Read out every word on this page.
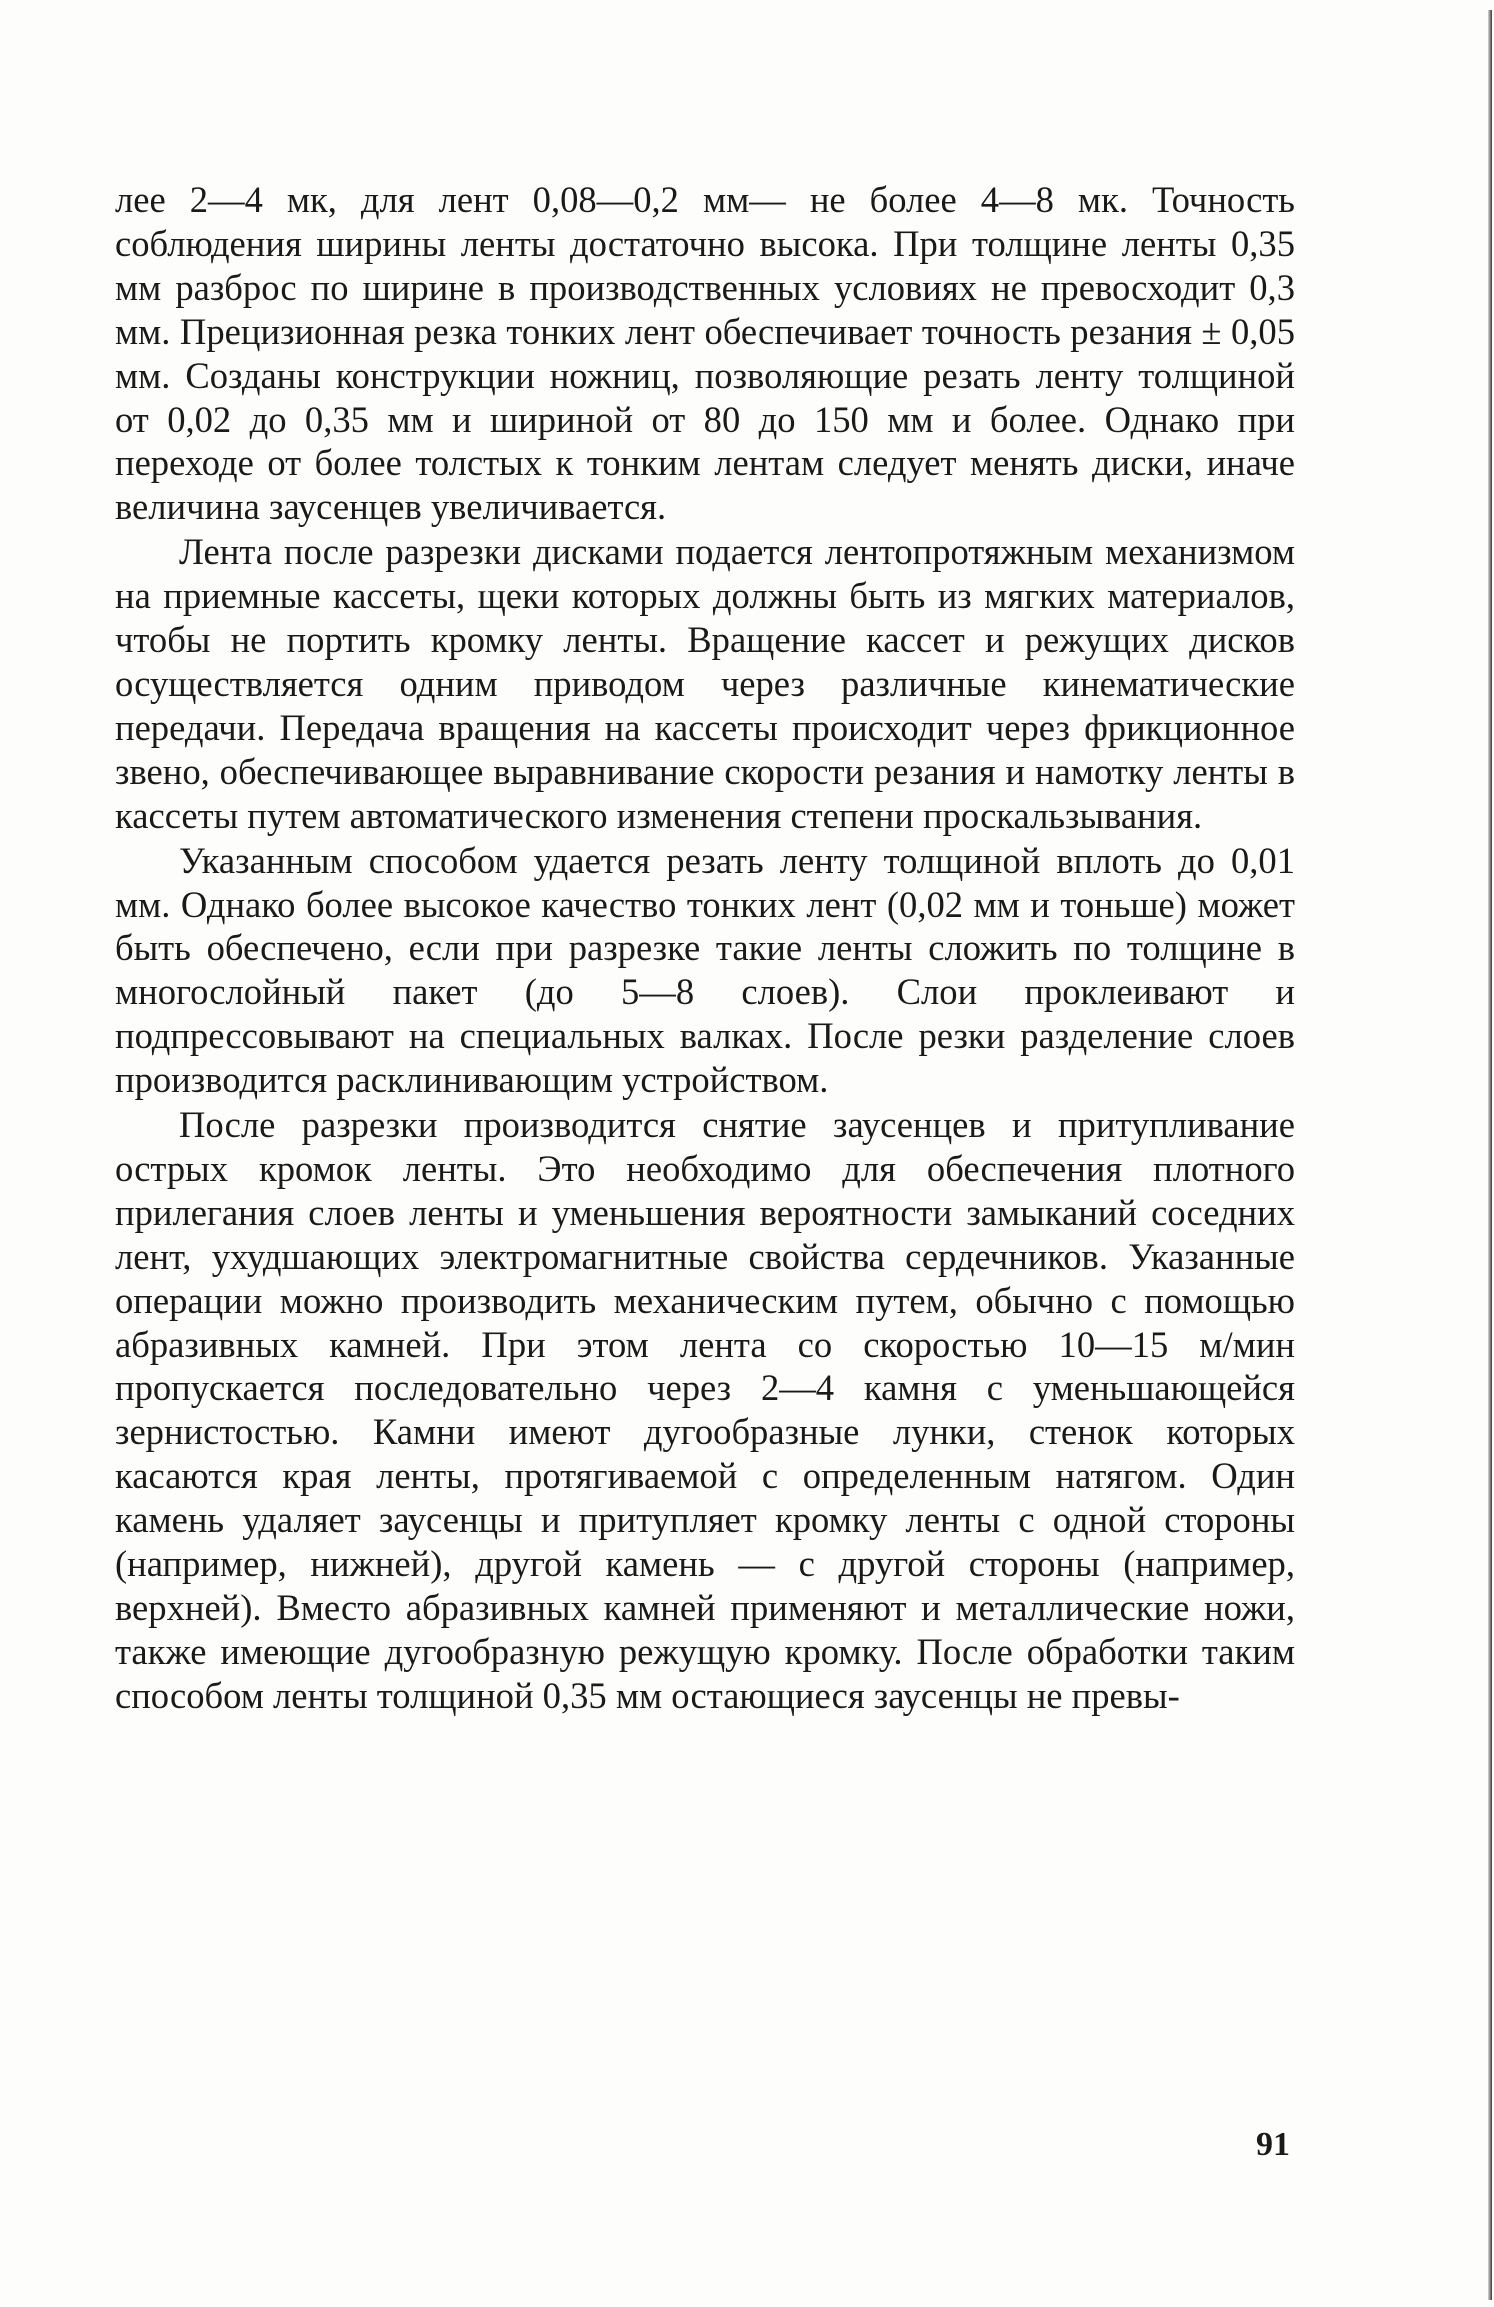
лее 2—4 мк, для лент 0,08—0,2 мм— не более 4—8 мк. Точность соблюдения ширины ленты достаточно высока. При толщине ленты 0,35 мм разброс по ширине в производственных условиях не превосходит 0,3 мм. Прецизионная резка тонких лент обеспечивает точность резания ± 0,05 мм. Созданы конструкции ножниц, позволяющие резать ленту толщиной от 0,02 до 0,35 мм и шириной от 80 до 150 мм и более. Однако при переходе от более толстых к тонким лентам следует менять диски, иначе величина заусенцев увеличивается.

Лента после разрезки дисками подается лентопротяжным механизмом на приемные кассеты, щеки которых должны быть из мягких материалов, чтобы не портить кромку ленты. Вращение кассет и режущих дисков осуществляется одним приводом через различные кинематические передачи. Передача вращения на кассеты происходит через фрикционное звено, обеспечивающее выравнивание скорости резания и намотку ленты в кассеты путем автоматического изменения степени проскальзывания.

Указанным способом удается резать ленту толщиной вплоть до 0,01 мм. Однако более высокое качество тонких лент (0,02 мм и тоньше) может быть обеспечено, если при разрезке такие ленты сложить по толщине в многослойный пакет (до 5—8 слоев). Слои проклеивают и подпрессовывают на специальных валках. После резки разделение слоев производится расклинивающим устройством.

После разрезки производится снятие заусенцев и притупливание острых кромок ленты. Это необходимо для обеспечения плотного прилегания слоев ленты и уменьшения вероятности замыканий соседних лент, ухудшающих электромагнитные свойства сердечников. Указанные операции можно производить механическим путем, обычно с помощью абразивных камней. При этом лента со скоростью 10—15 м/мин пропускается последовательно через 2—4 камня с уменьшающейся зернистостью. Камни имеют дугообразные лунки, стенок которых касаются края ленты, протягиваемой с определенным натягом. Один камень удаляет заусенцы и притупляет кромку ленты с одной стороны (например, нижней), другой камень — с другой стороны (например, верхней). Вместо абразивных камней применяют и металлические ножи, также имеющие дугообразную режущую кромку. После обработки таким способом ленты толщиной 0,35 мм остающиеся заусенцы не превы-

91
